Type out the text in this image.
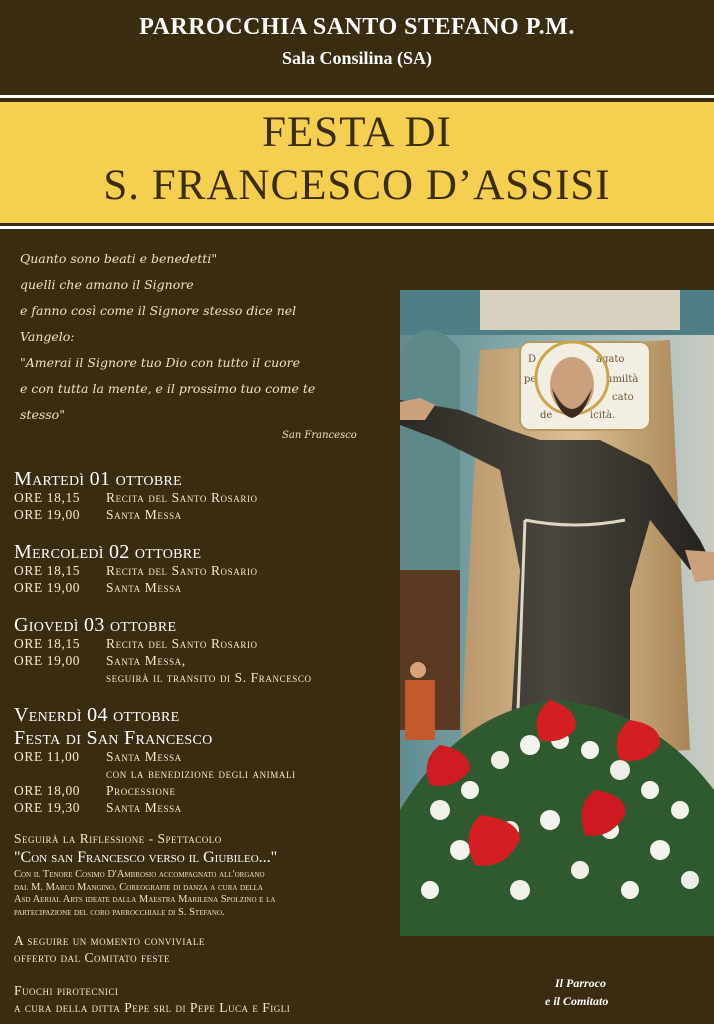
PARROCCHIA SANTO STEFANO P.M.
Sala Consilina (SA)
FESTA DI
S. FRANCESCO D’ASSISI
Quanto sono beati e benedetti"
quelli che amano il Signore
e fanno così come il Signore stesso dice nel
Vangelo:
"Amerai il Signore tuo Dio con tutto il cuore
e con tutta la mente, e il prossimo tuo come te
stesso"
San Francesco
Martedì 01 ottobre
ORE 18,15 Recita del Santo Rosario
ORE 19,00 Santa Messa
Mercoledì 02 ottobre
ORE 18,15 Recita del Santo Rosario
ORE 19,00 Santa Messa
Giovedì 03 ottobre
ORE 18,15 Recita del Santo Rosario
ORE 19,00 Santa Messa,
seguirà il transito di S. Francesco
Venerdì 04 ottobre
Festa di San Francesco
ORE 11,00 Santa Messa
con la benedizione degli animali
ORE 18,00 Processione
ORE 19,30 Santa Messa
Seguirà la Riflessione - Spettacolo
"Con san Francesco verso il Giubileo..."
Con il Tenore Cosimo D'Ambrosio accompagnato all'organo
dal M. Marco Mangino. Coreografie di danza a cura della
Asd Aerial Arts ideate dalla Maestra Marilena Spolzino e la
partecipazione del coro parrocchiale di S. Stefano.
A seguire un momento conviviale
offerto dal Comitato feste
Fuochi pirotecnici
a cura della ditta Pepe srl di Pepe Luca e Figli
Il Parroco
e il Comitato
D	agato
pe	umiltà
cato
de	icità.
